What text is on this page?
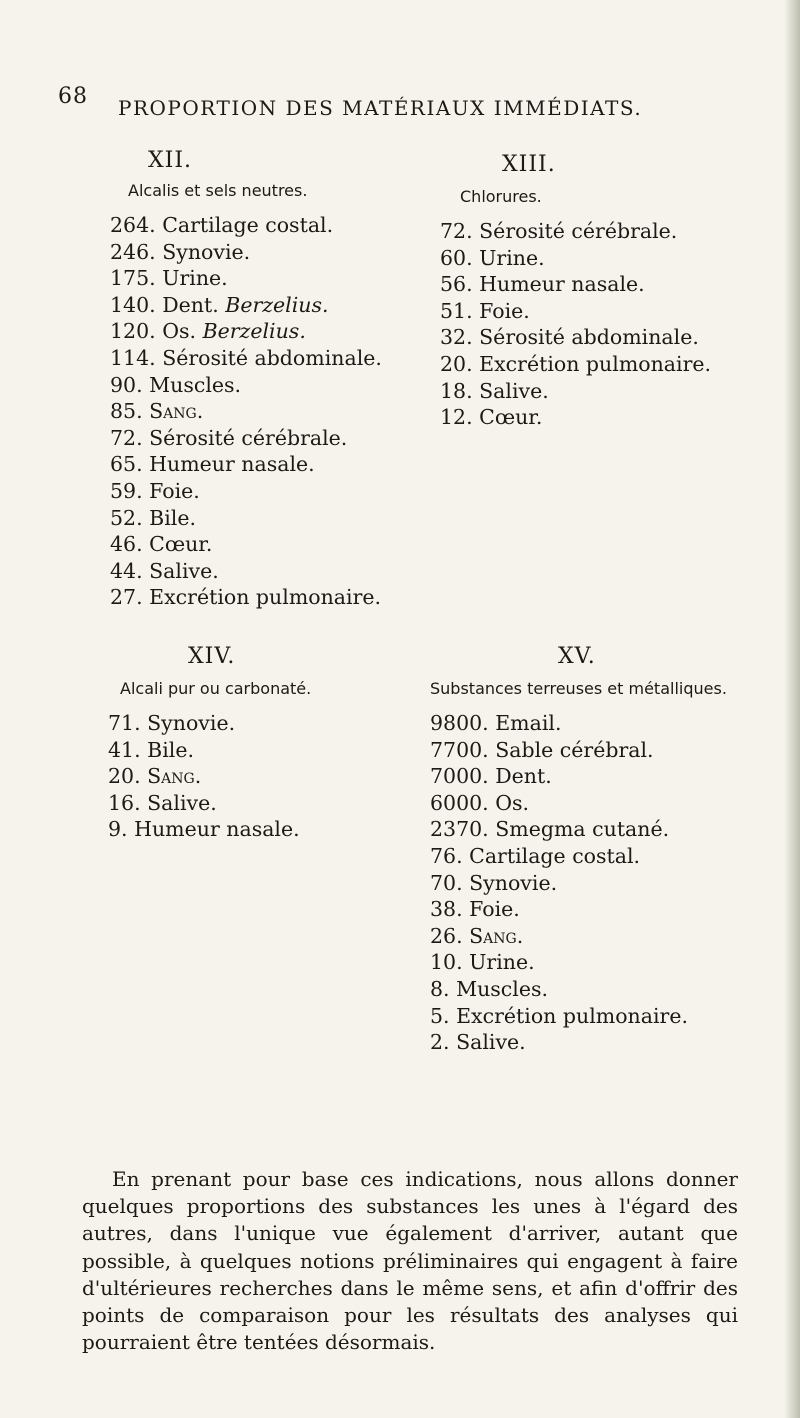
68 PROPORTION DES MATÉRIAUX IMMÉDIATS.
XII.
Alcalis et sels neutres.
264. Cartilage costal.
246. Synovie.
175. Urine.
140. Dent. Berzelius.
120. Os. Berzelius.
114. Sérosité abdominale.
90. Muscles.
85. Sang.
72. Sérosité cérébrale.
65. Humeur nasale.
59. Foie.
52. Bile.
46. Cœur.
44. Salive.
27. Excrétion pulmonaire.
XIII.
Chlorures.
72. Sérosité cérébrale.
60. Urine.
56. Humeur nasale.
51. Foie.
32. Sérosité abdominale.
20. Excrétion pulmonaire.
18. Salive.
12. Cœur.
XIV.
Alcali pur ou carbonaté.
71. Synovie.
41. Bile.
20. Sang.
16. Salive.
9. Humeur nasale.
XV.
Substances terreuses et métalliques.
9800. Email.
7700. Sable cérébral.
7000. Dent.
6000. Os.
2370. Smegma cutané.
76. Cartilage costal.
70. Synovie.
38. Foie.
26. Sang.
10. Urine.
8. Muscles.
5. Excrétion pulmonaire.
2. Salive.

En prenant pour base ces indications, nous allons donner quelques proportions des substances les unes à l'égard des autres, dans l'unique vue également d'arriver, autant que possible, à quelques notions préliminaires qui engagent à faire d'ultérieures recherches dans le même sens, et afin d'offrir des points de comparaison pour les résultats des analyses qui pourraient être tentées désormais.
